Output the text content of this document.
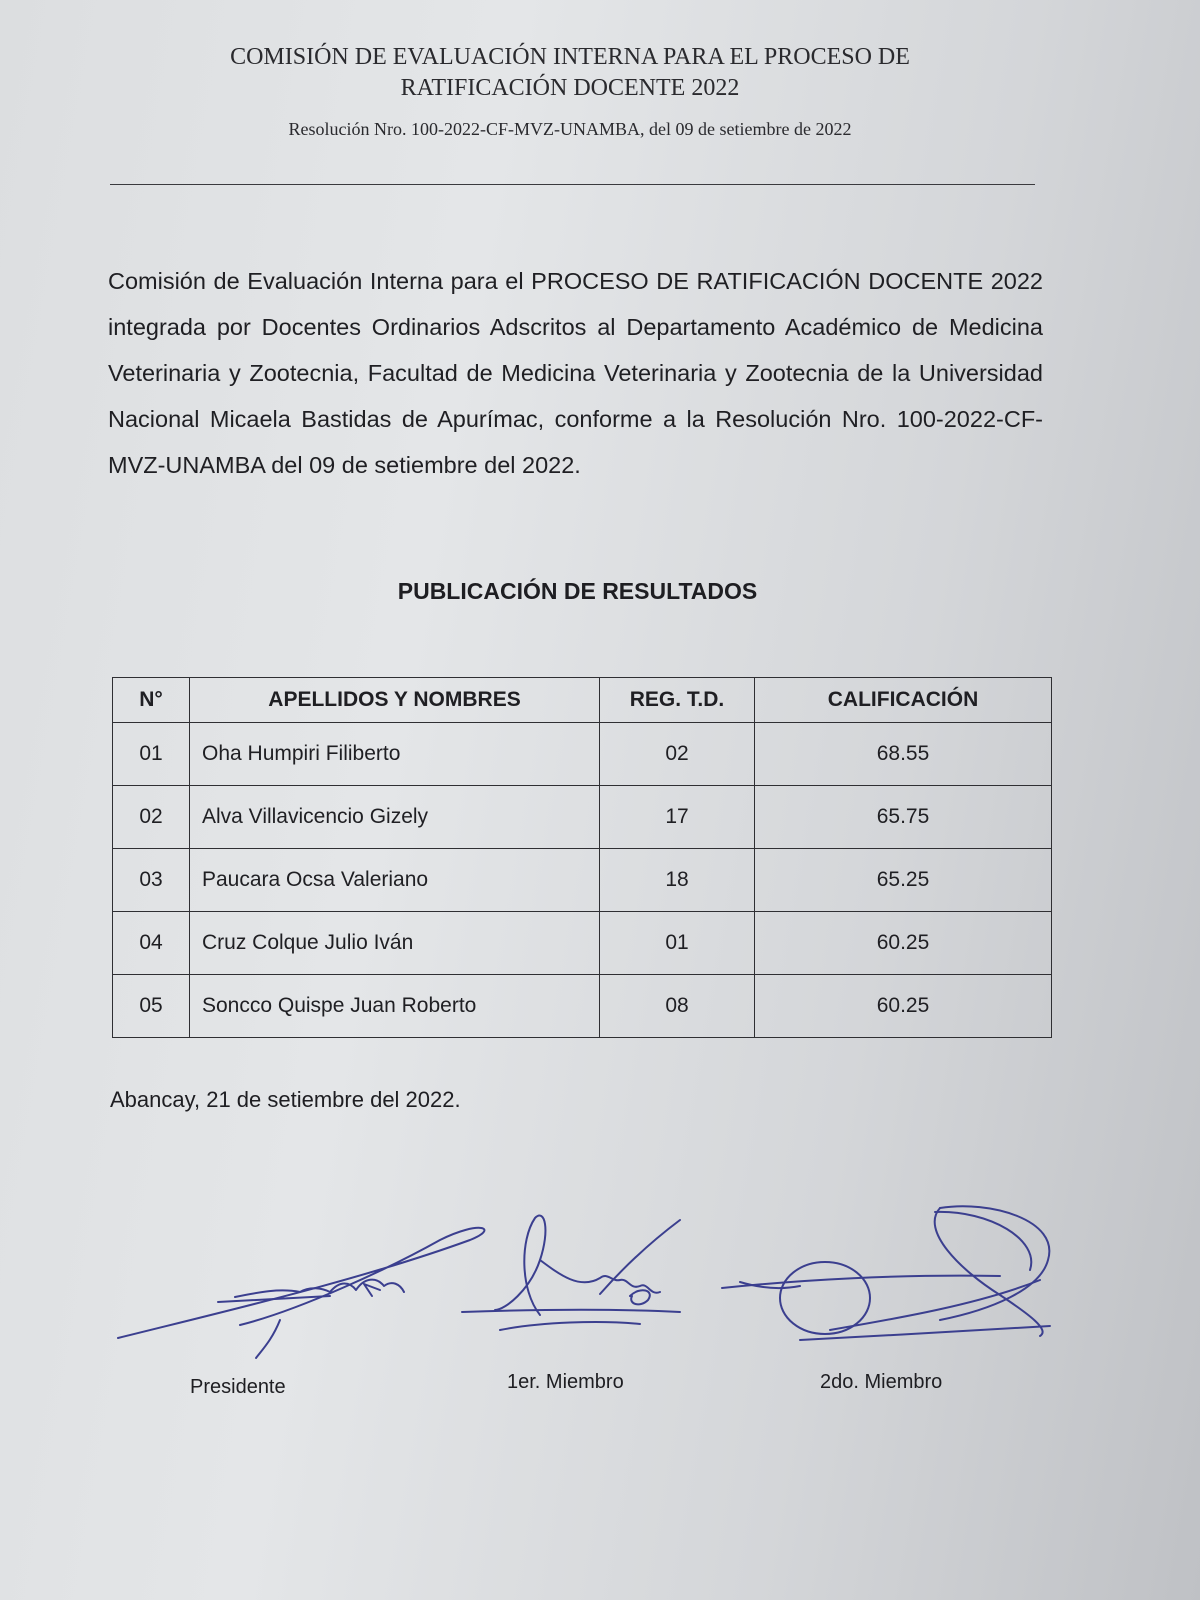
COMISIÓN DE EVALUACIÓN INTERNA PARA EL PROCESO DE
RATIFICACIÓN DOCENTE 2022
Resolución Nro. 100-2022-CF-MVZ-UNAMBA, del 09 de setiembre de 2022
Comisión de Evaluación Interna para el PROCESO DE RATIFICACIÓN DOCENTE 2022 integrada por Docentes Ordinarios Adscritos al Departamento Académico de Medicina Veterinaria y Zootecnia, Facultad de Medicina Veterinaria y Zootecnia de la Universidad Nacional Micaela Bastidas de Apurímac, conforme a la Resolución Nro. 100-2022-CF-MVZ-UNAMBA del 09 de setiembre del 2022.
PUBLICACIÓN DE RESULTADOS
N°	APELLIDOS Y NOMBRES	REG. T.D.	CALIFICACIÓN
01	Oha Humpiri Filiberto	02	68.55
02	Alva Villavicencio Gizely	17	65.75
03	Paucara Ocsa Valeriano	18	65.25
04	Cruz Colque Julio Iván	01	60.25
05	Soncco Quispe Juan Roberto	08	60.25
Abancay, 21 de setiembre del 2022.
Presidente	1er. Miembro	2do. Miembro
